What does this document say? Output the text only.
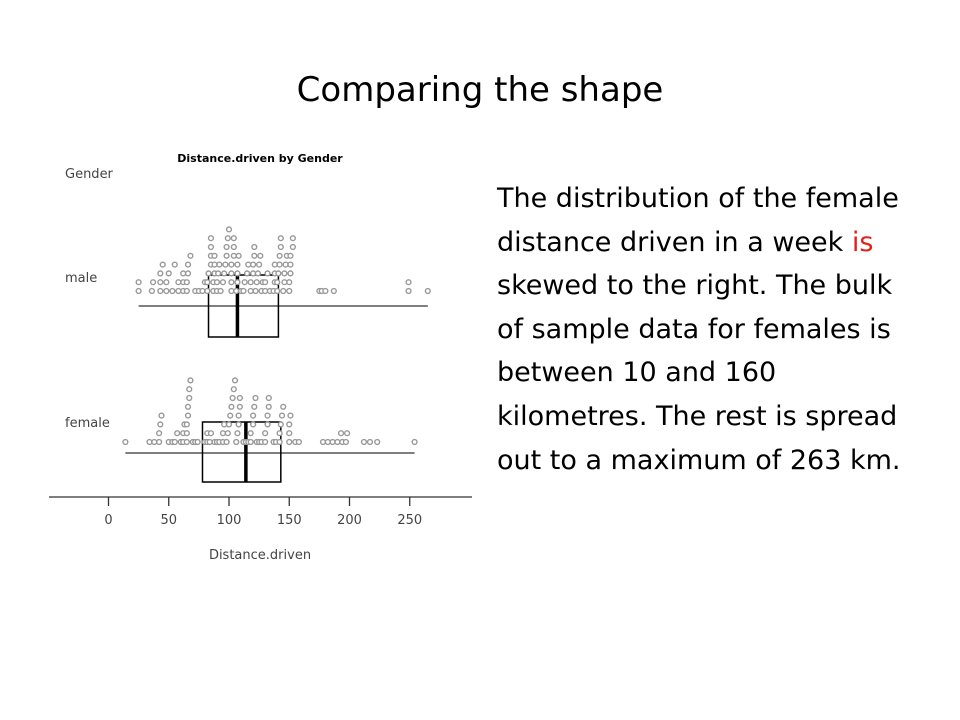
Comparing the shape
Distance.driven by Gender
Gender
male
female
Distance.driven
0	50	100	150	200	250
The distribution of the female distance driven in a week is skewed to the right. The bulk of sample data for females is between 10 and 160 kilometres. The rest is spread out to a maximum of 263 km.
